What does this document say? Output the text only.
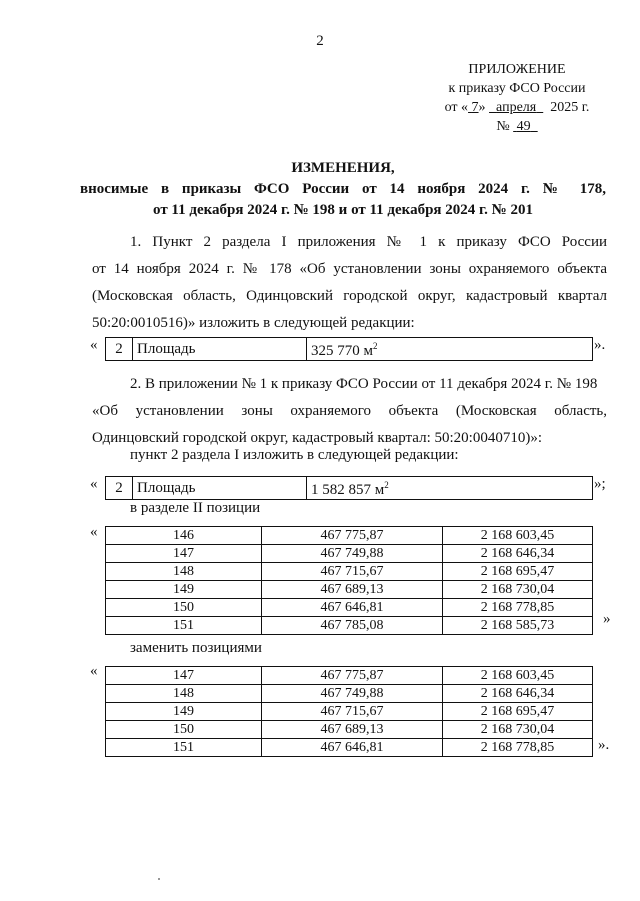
2
ПРИЛОЖЕНИЕ
к приказу ФСО России
от « 7» апреля 2025 г.
№ 49
ИЗМЕНЕНИЯ,
вносимые в приказы ФСО России от 14 ноября 2024 г. № 178,
от 11 декабря 2024 г. № 198 и от 11 декабря 2024 г. № 201
1. Пункт 2 раздела I приложения № 1 к приказу ФСО России
от 14 ноября 2024 г. № 178 «Об установлении зоны охраняемого объекта
(Московская область, Одинцовский городской округ, кадастровый квартал
50:20:0010516)» изложить в следующей редакции:
« 2	Площадь	325 770 $м^2$	».
2. В приложении № 1 к приказу ФСО России от 11 декабря 2024 г. № 198
«Об установлении зоны охраняемого объекта (Московская область,
Одинцовский городской округ, кадастровый квартал: 50:20:0040710)»:
пункт 2 раздела I изложить в следующей редакции:
« 2	Площадь	1 582 857 $м^2$	»;
в разделе II позиции
«	146	467 775,87	2 168 603,45
147	467 749,88	2 168 646,34
148	467 715,67	2 168 695,47
149	467 689,13	2 168 730,04
150	467 646,81	2 168 778,85
151	467 785,08	2 168 585,73	»
заменить позициями
«	147	467 775,87	2 168 603,45
148	467 749,88	2 168 646,34
149	467 715,67	2 168 695,47
150	467 689,13	2 168 730,04
151	467 646,81	2 168 778,85	».
